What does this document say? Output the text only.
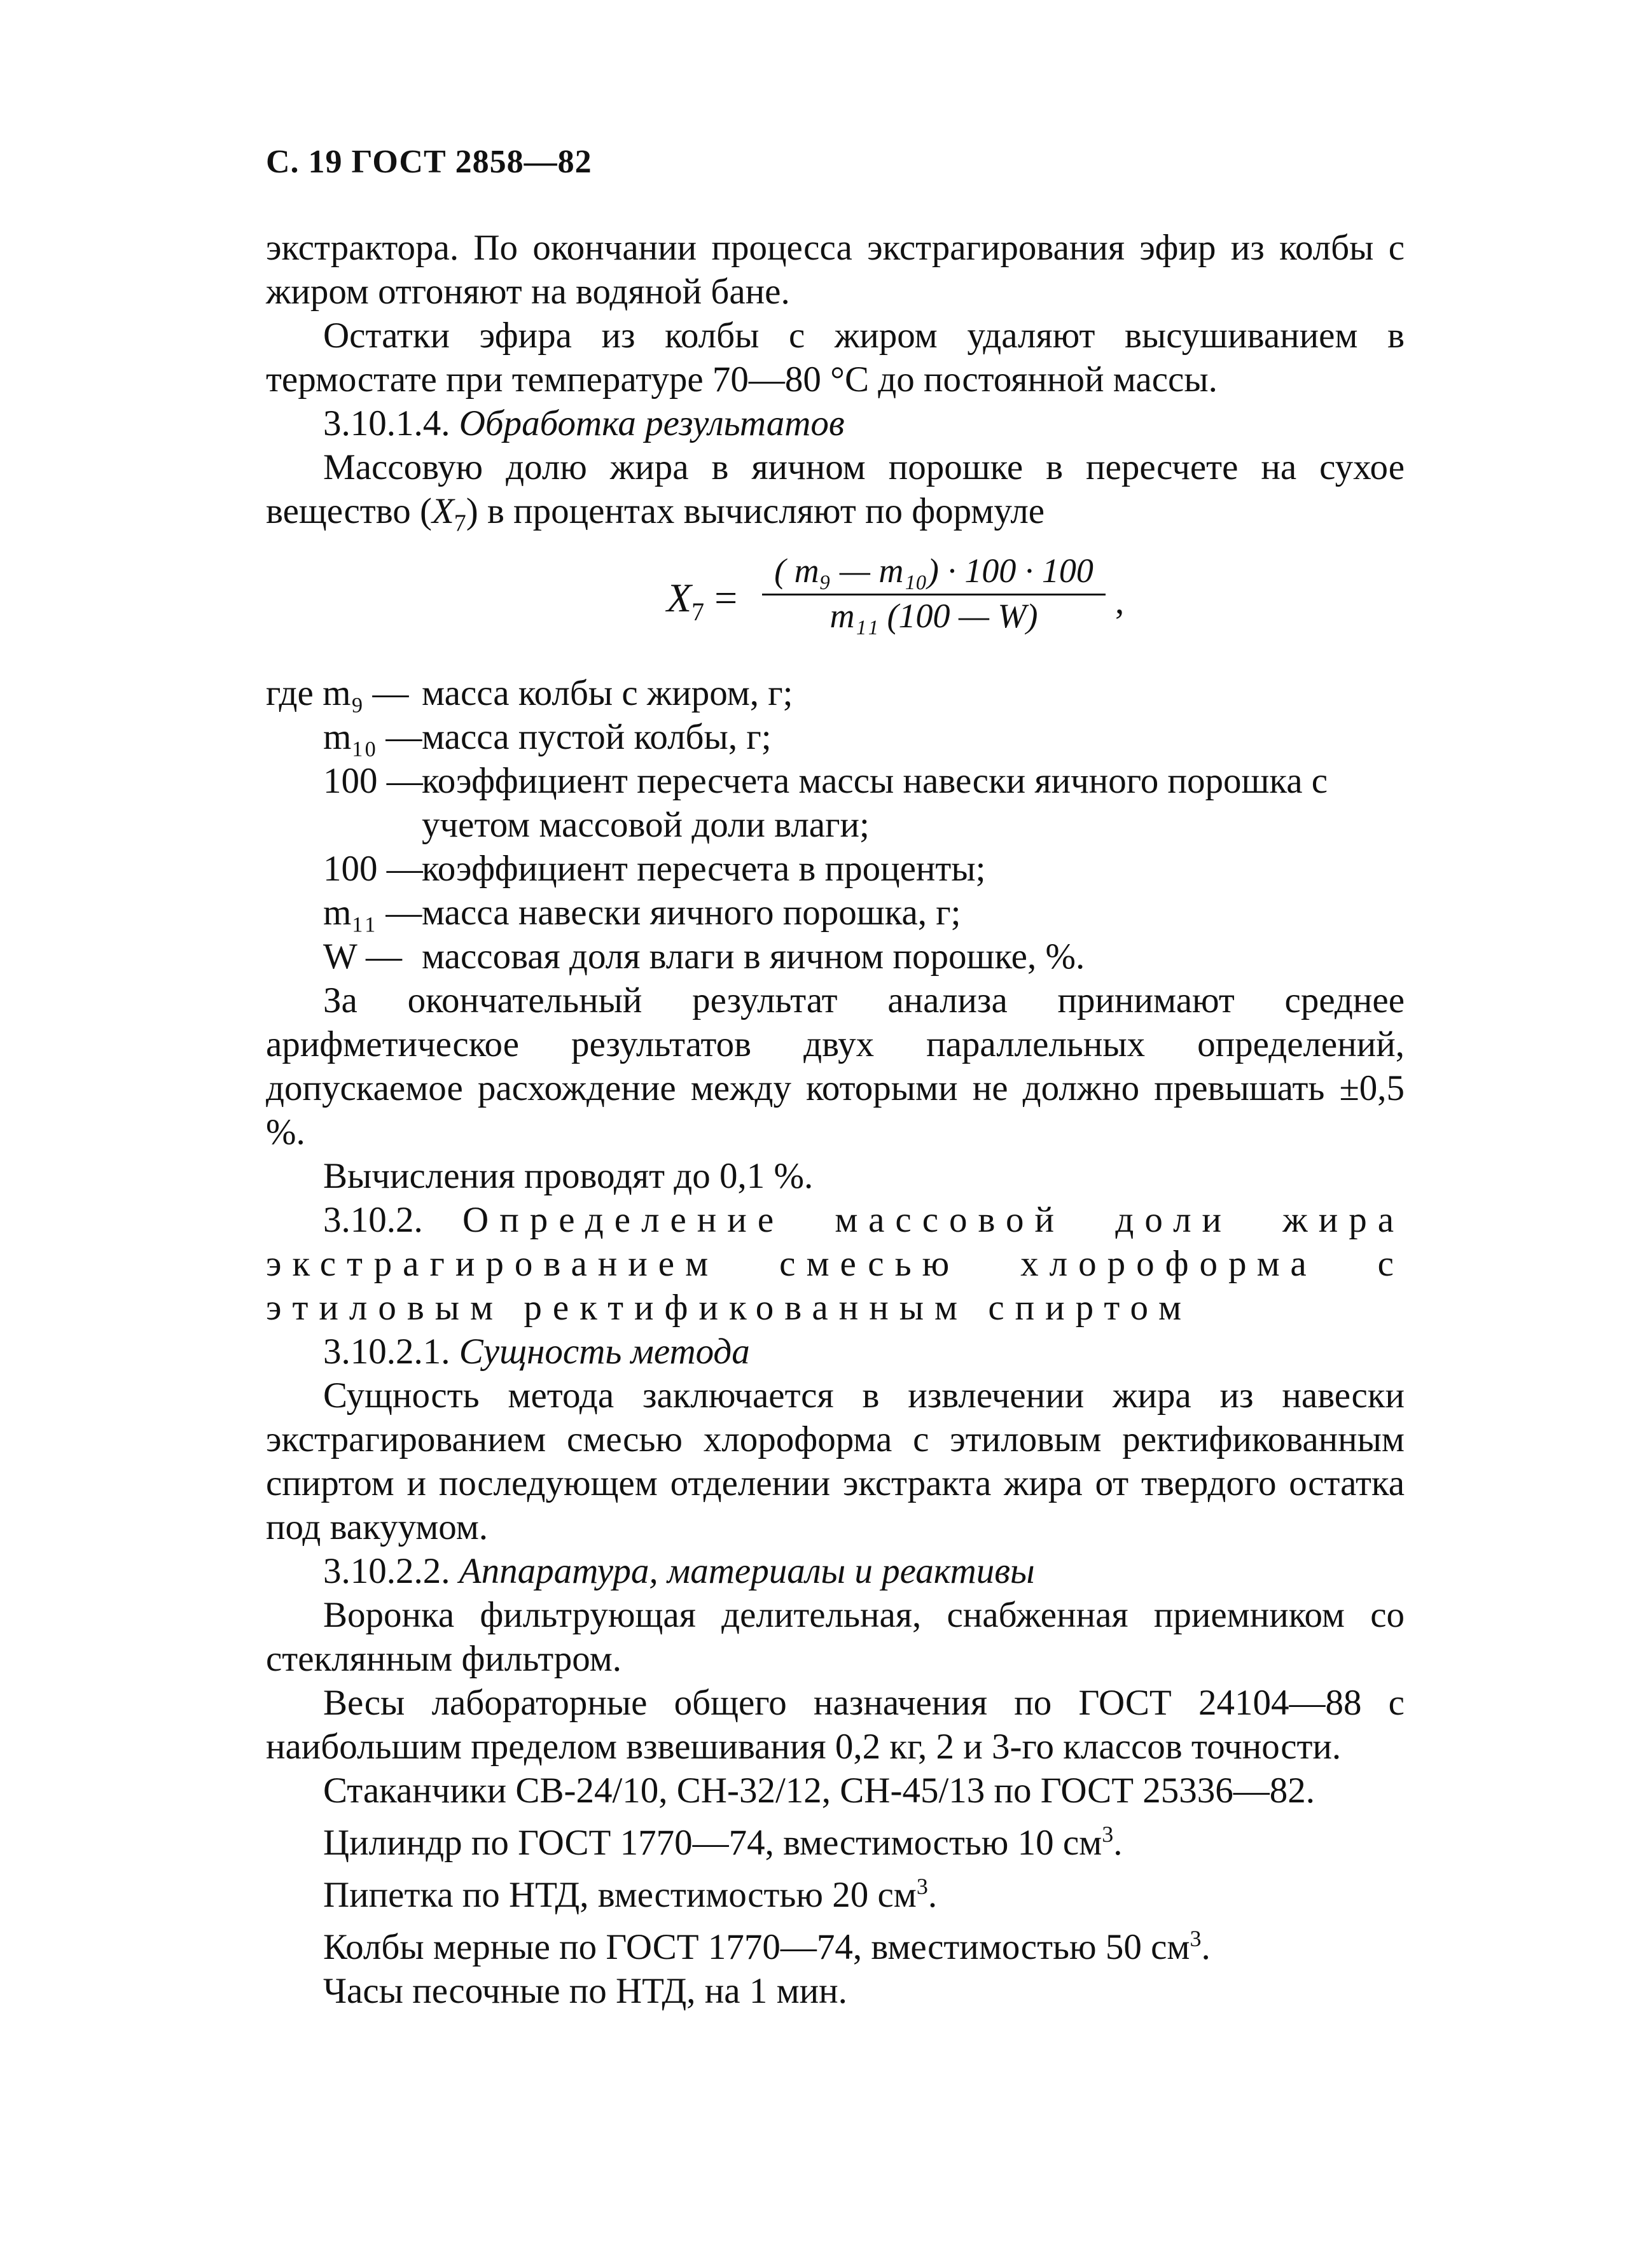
С. 19 ГОСТ 2858—82

экстрактора. По окончании процесса экстрагирования эфир из колбы с жиром отгоняют на водяной бане.

Остатки эфира из колбы с жиром удаляют высушиванием в термостате при температуре 70—80 °С до постоянной массы.

3.10.1.4. Обработка результатов

Массовую долю жира в яичном порошке в пересчете на сухое вещество $(X_7)$ в процентах вычисляют по формуле

$X_7 = \frac{\text{( m₉ — m₁₀) · 100 · 100}}{\text{m₁₁ (100 — W)}}$ ,
где m₉ — масса колбы с жиром, г;
m₁₀ — масса пустой колбы, г;
100 —
коэффициент пересчета массы навески яичного порошка с учетом массовой доли влаги;
100 —
коэффициент пересчета в проценты;
m₁₁ — масса навески яичного порошка, г;
W — массовая доля влаги в яичном порошке, %.

За окончательный результат анализа принимают среднее арифметическое результатов двух параллельных определений, допускаемое расхождение между которыми не должно превышать ±0,5 %.

Вычисления проводят до 0,1 %.

3.10.2. Определение массовой доли жира экстрагированием смесью хлороформа с этиловым ректификованным спиртом

3.10.2.1. Сущность метода

Сущность метода заключается в извлечении жира из навески экстрагированием смесью хлороформа с этиловым ректификованным спиртом и последующем отделении экстракта жира от твердого остатка под вакуумом.

3.10.2.2. Аппаратура, материалы и реактивы

Воронка фильтрующая делительная, снабженная приемником со стеклянным фильтром.

Весы лабораторные общего назначения по ГОСТ 24104—88 с наибольшим пределом взвешивания 0,2 кг, 2 и 3-го классов точности.

Стаканчики СВ-24/10, СН-32/12, СН-45/13 по ГОСТ 25336—82.

Цилиндр по ГОСТ 1770—74, вместимостью 10 $см^3$.

Пипетка по НТД, вместимостью 20 $см^3$.

Колбы мерные по ГОСТ 1770—74, вместимостью 50 $см^3$.

Часы песочные по НТД, на 1 мин.
